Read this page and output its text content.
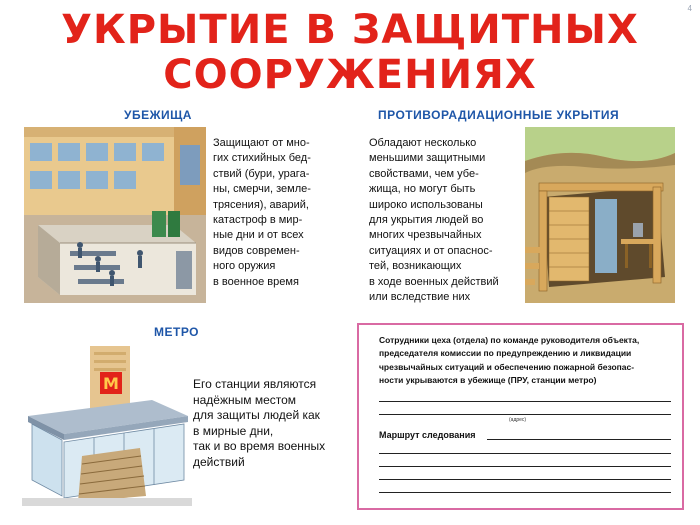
4
УКРЫТИЕ В ЗАЩИТНЫХ
СООРУЖЕНИЯХ
УБЕЖИЩА

Защищают от мно-
гих стихийных бед-
ствий (бури, урага-
ны, смерчи, земле-
трясения), аварий,
катастроф в мир-
ные дни и от всех
видов современ-
ного оружия
в военное время

ПРОТИВОРАДИАЦИОННЫЕ УКРЫТИЯ

Обладают несколько
меньшими защитными
свойствами, чем убе-
жища, но могут быть
широко использованы
для укрытия людей во
многих чрезвычайных
ситуациях и от опаснос-
тей, возникающих
в ходе военных действий
или вследствие них

МЕТРО
М	Его станции являются
надёжным местом
для защиты людей как
в мирные дни,
так и во время военных
действий

Сотрудники цеха (отдела) по команде руководителя объекта,
председателя комиссии по предупреждению и ликвидации
чрезвычайных ситуаций и обеспечению пожарной безопас-
ности укрываются в убежище (ПРУ, станции метро)

(адрес)
Маршрут следования
